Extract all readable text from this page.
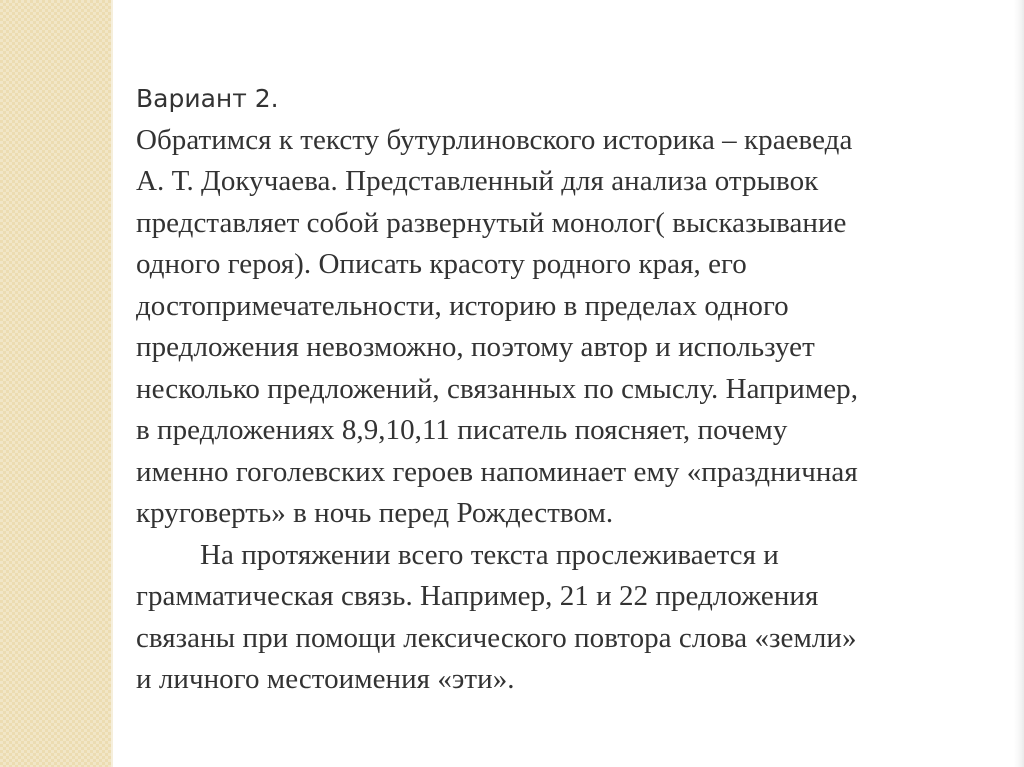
Вариант 2.
Обратимся к тексту бутурлиновского историка – краеведа
А. Т. Докучаева. Представленный для анализа отрывок
представляет собой развернутый монолог( высказывание
одного героя). Описать красоту родного края, его
достопримечательности, историю в пределах одного
предложения невозможно, поэтому автор и использует
несколько предложений, связанных по смыслу. Например,
в предложениях 8,9,10,11 писатель поясняет, почему
именно гоголевских героев напоминает ему «праздничная
круговерть» в ночь перед Рождеством.
На протяжении всего текста прослеживается и
грамматическая связь. Например, 21 и 22 предложения
связаны при помощи лексического повтора слова «земли»
и личного местоимения «эти».
